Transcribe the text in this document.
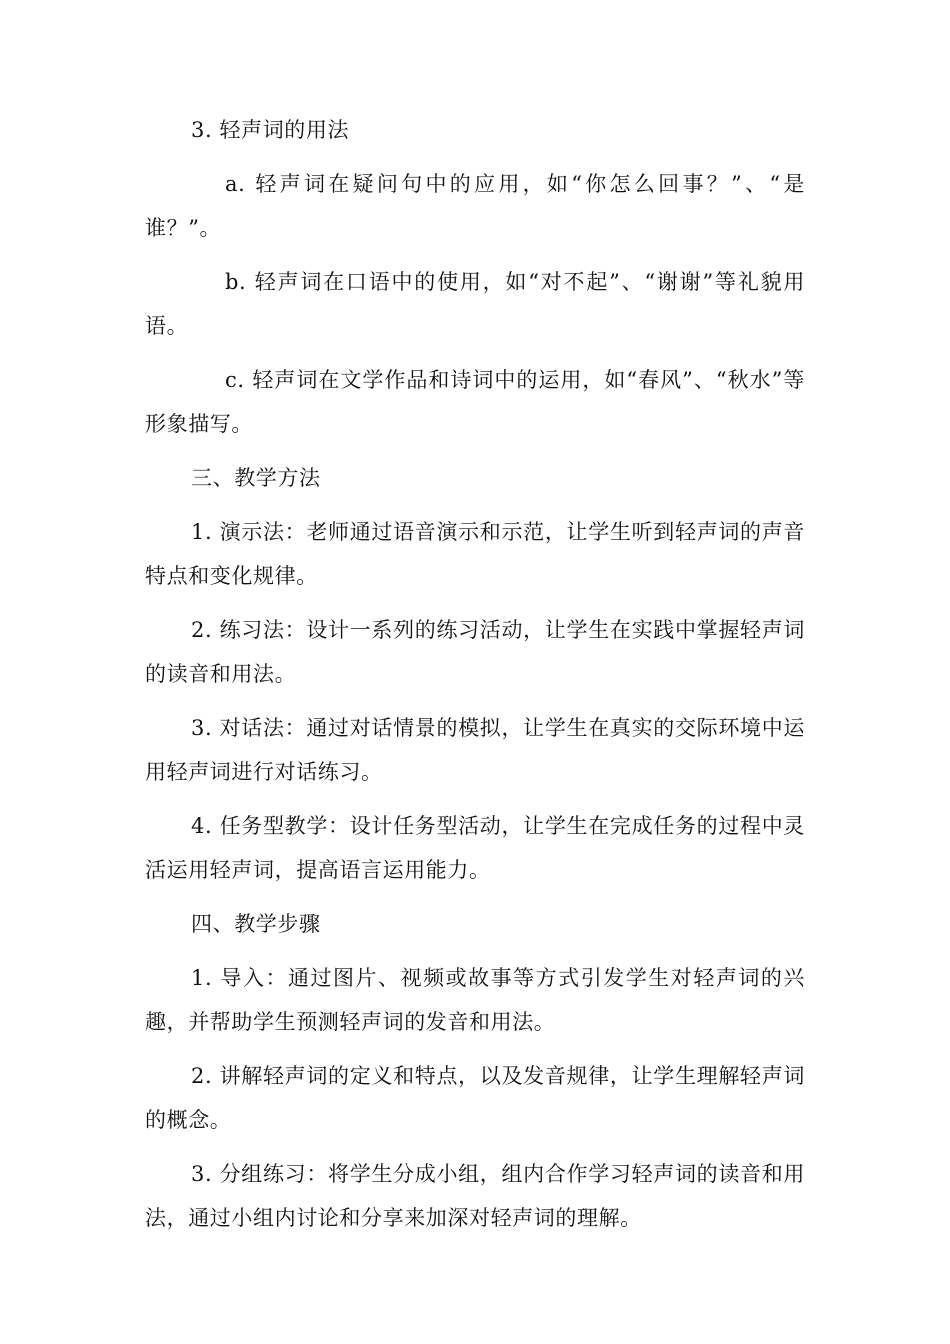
3. 轻声词的用法

a. 轻声词在疑问句中的应用，如“你怎么回事？”、“是谁？”。

b. 轻声词在口语中的使用，如“对不起”、“谢谢”等礼貌用语。

c. 轻声词在文学作品和诗词中的运用，如“春风”、“秋水”等形象描写。

三、教学方法

1. 演示法：老师通过语音演示和示范，让学生听到轻声词的声音特点和变化规律。

2. 练习法：设计一系列的练习活动，让学生在实践中掌握轻声词的读音和用法。

3. 对话法：通过对话情景的模拟，让学生在真实的交际环境中运用轻声词进行对话练习。

4. 任务型教学：设计任务型活动，让学生在完成任务的过程中灵活运用轻声词，提高语言运用能力。

四、教学步骤

1. 导入：通过图片、视频或故事等方式引发学生对轻声词的兴趣，并帮助学生预测轻声词的发音和用法。

2. 讲解轻声词的定义和特点，以及发音规律，让学生理解轻声词的概念。

3. 分组练习：将学生分成小组，组内合作学习轻声词的读音和用法，通过小组内讨论和分享来加深对轻声词的理解。
